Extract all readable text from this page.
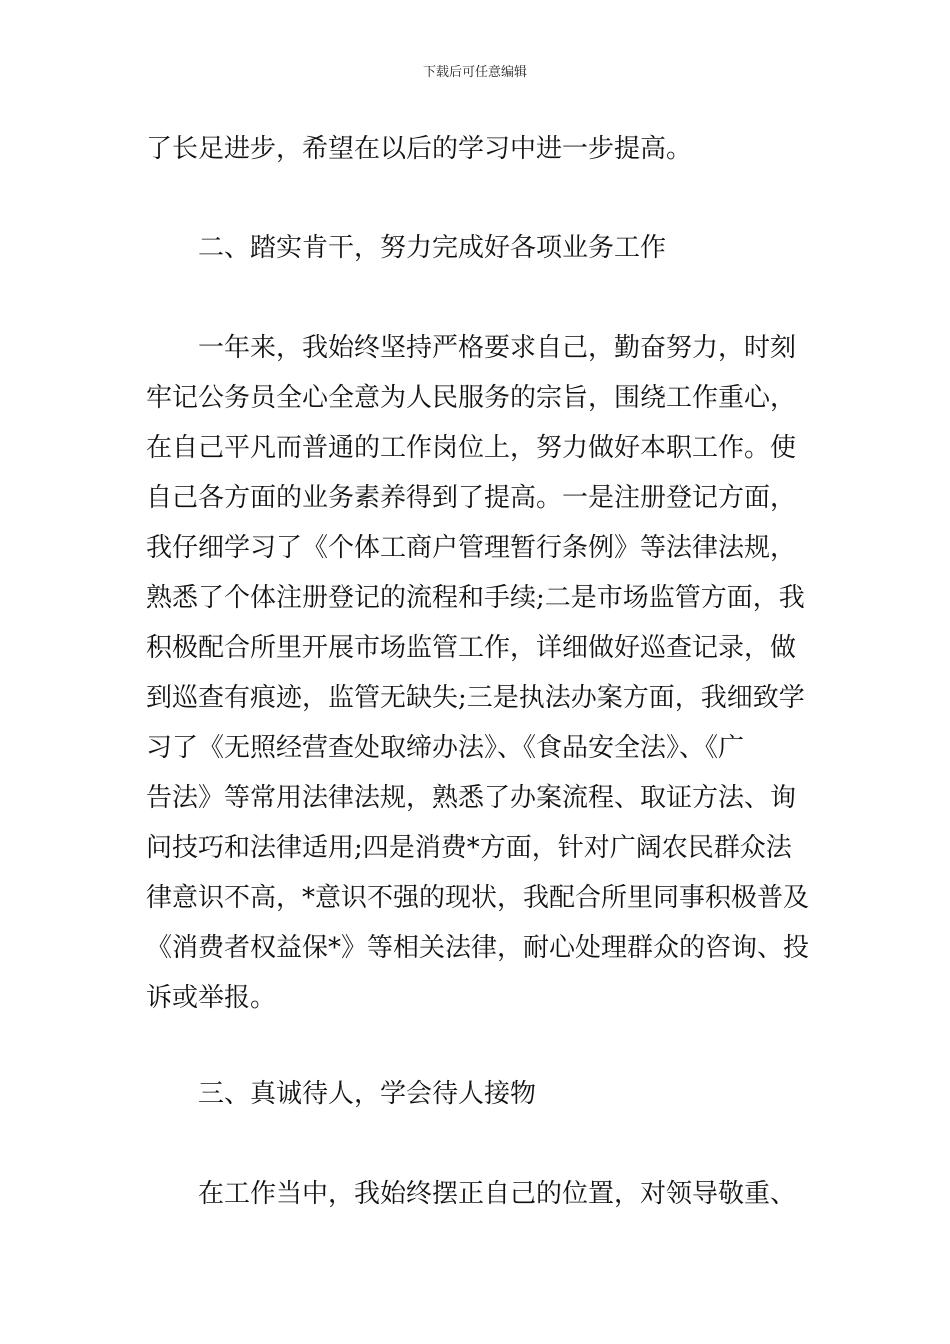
下载后可任意编辑
了长足进步，希望在以后的学习中进一步提高。
二、踏实肯干，努力完成好各项业务工作
一年来，我始终坚持严格要求自己，勤奋努力，时刻
牢记公务员全心全意为人民服务的宗旨，围绕工作重心，
在自己平凡而普通的工作岗位上，努力做好本职工作。使
自己各方面的业务素养得到了提高。一是注册登记方面，
我仔细学习了《个体工商户管理暂行条例》等法律法规，
熟悉了个体注册登记的流程和手续;二是市场监管方面，我
积极配合所里开展市场监管工作，详细做好巡查记录，做
到巡查有痕迹，监管无缺失;三是执法办案方面，我细致学
习了《无照经营查处取缔办法》、《食品安全法》、《广
告法》等常用法律法规，熟悉了办案流程、取证方法、询
问技巧和法律适用;四是消费*方面，针对广阔农民群众法
律意识不高，*意识不强的现状，我配合所里同事积极普及
《消费者权益保*》等相关法律，耐心处理群众的咨询、投
诉或举报。
三、真诚待人，学会待人接物
在工作当中，我始终摆正自己的位置，对领导敬重、
